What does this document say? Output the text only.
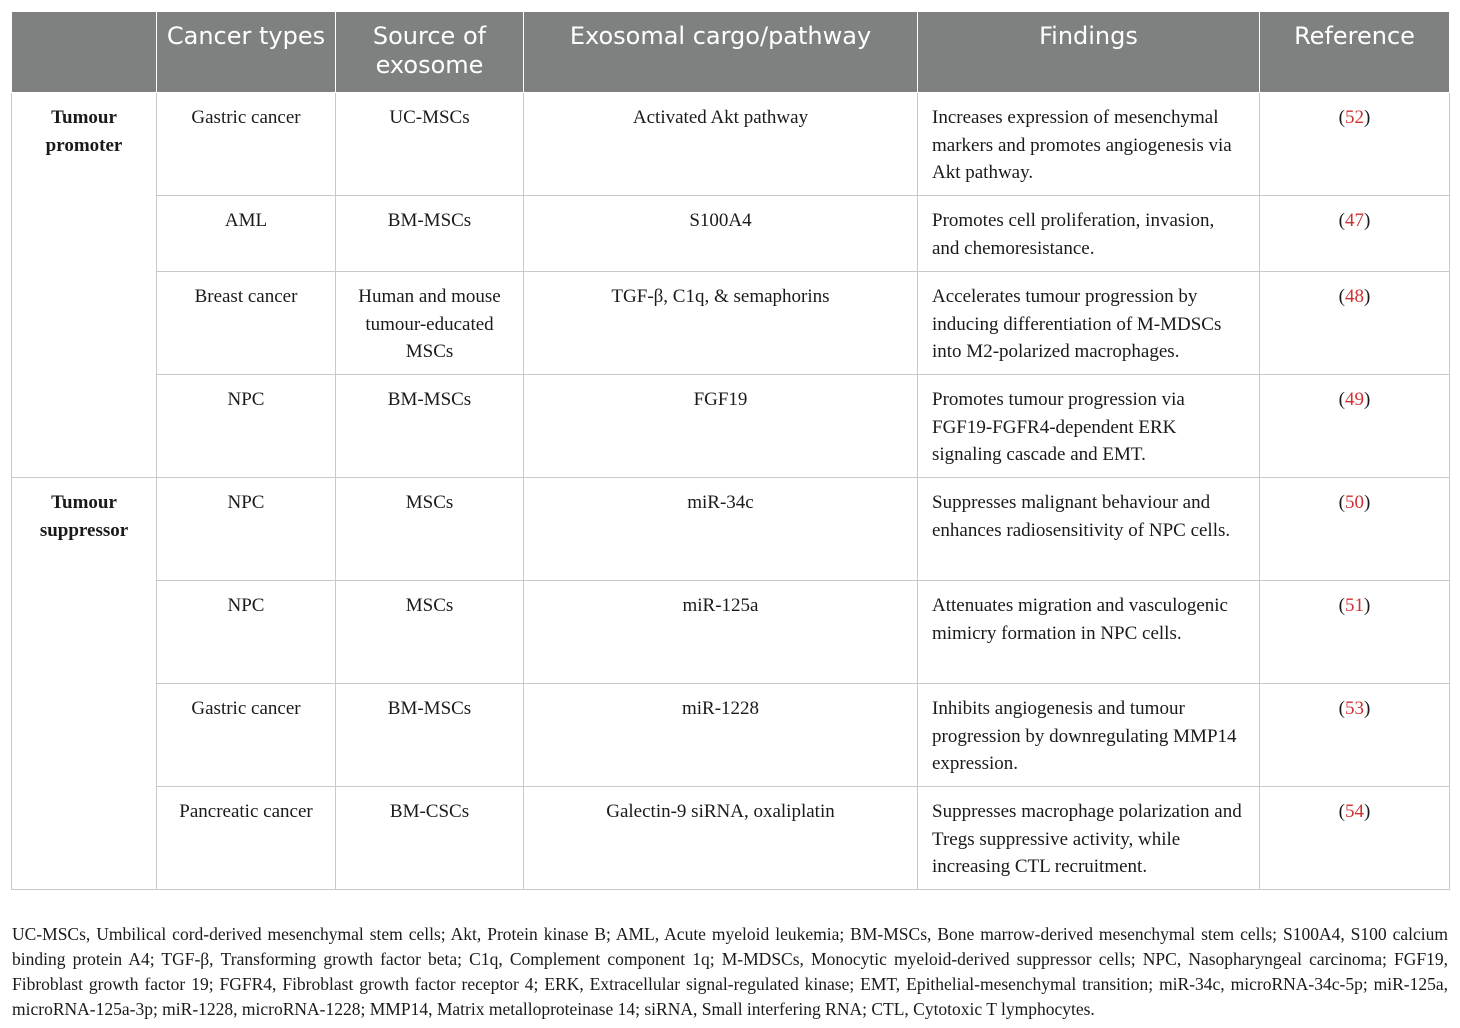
	Cancer types	Source of exosome	Exosomal cargo/pathway	Findings	Reference
Tumour promoter	Gastric cancer	UC-MSCs	Activated Akt pathway	Increases expression of mesenchymal markers and promotes angiogenesis via Akt pathway.	(52)
	AML	BM-MSCs	S100A4	Promotes cell proliferation, invasion, and chemoresistance.	(47)
	Breast cancer	Human and mouse tumour-educated MSCs	TGF-β, C1q, & semaphorins	Accelerates tumour progression by inducing differentiation of M-MDSCs into M2-polarized macrophages.	(48)
	NPC	BM-MSCs	FGF19	Promotes tumour progression via FGF19-FGFR4-dependent ERK signaling cascade and EMT.	(49)
Tumour suppressor	NPC	MSCs	miR-34c	Suppresses malignant behaviour and enhances radiosensitivity of NPC cells.	(50)
	NPC	MSCs	miR-125a	Attenuates migration and vasculogenic mimicry formation in NPC cells.	(51)
	Gastric cancer	BM-MSCs	miR-1228	Inhibits angiogenesis and tumour progression by downregulating MMP14 expression.	(53)
	Pancreatic cancer	BM-CSCs	Galectin-9 siRNA, oxaliplatin	Suppresses macrophage polarization and Tregs suppressive activity, while increasing CTL recruitment.	(54)
UC-MSCs, Umbilical cord-derived mesenchymal stem cells; Akt, Protein kinase B; AML, Acute myeloid leukemia; BM-MSCs, Bone marrow-derived mesenchymal stem cells; S100A4, S100 calcium binding protein A4; TGF-β, Transforming growth factor beta; C1q, Complement component 1q; M-MDSCs, Monocytic myeloid-derived suppressor cells; NPC, Nasopharyngeal carcinoma; FGF19, Fibroblast growth factor 19; FGFR4, Fibroblast growth factor receptor 4; ERK, Extracellular signal-regulated kinase; EMT, Epithelial-mesenchymal transition; miR-34c, microRNA-34c-5p; miR-125a, microRNA-125a-3p; miR-1228, microRNA-1228; MMP14, Matrix metalloproteinase 14; siRNA, Small interfering RNA; CTL, Cytotoxic T lymphocytes.
